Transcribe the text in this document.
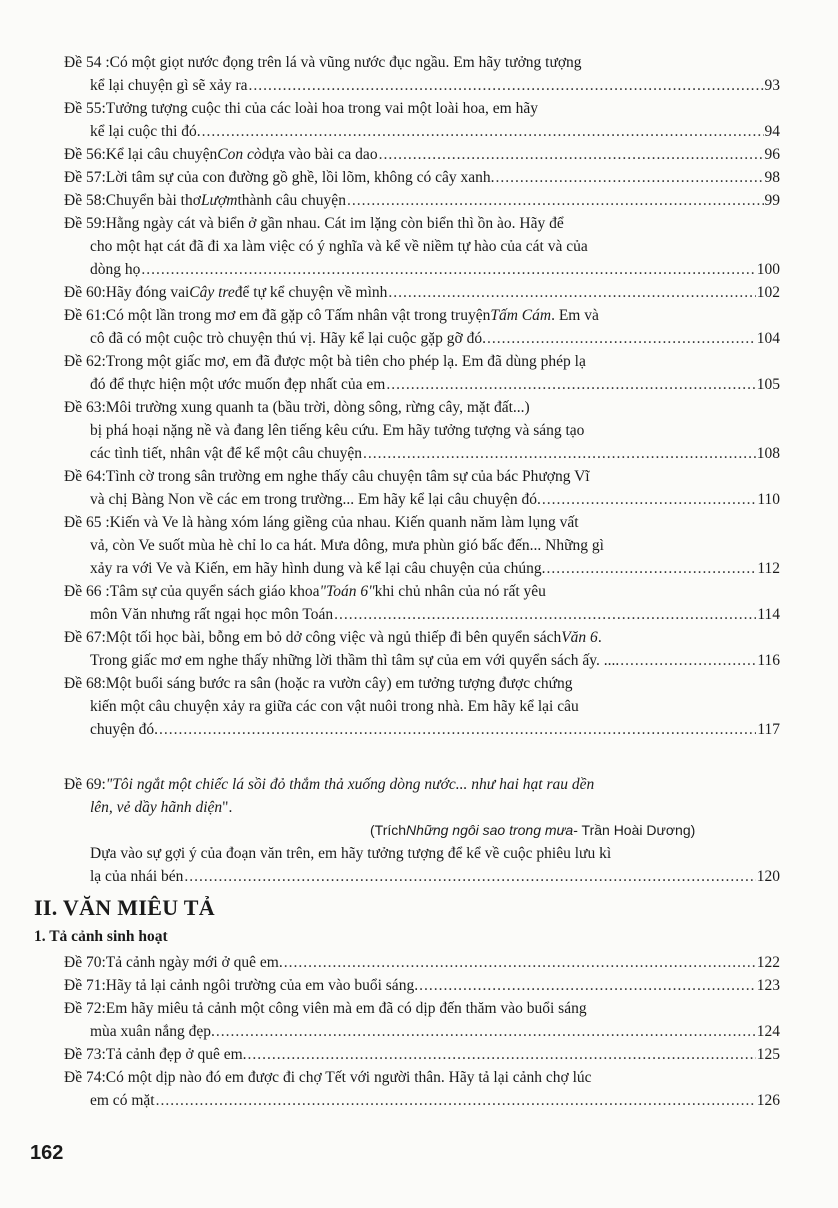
Đề 54 : Có một giọt nước đọng trên lá và vũng nước đục ngầu. Em hãy tưởng tượng
kể lại chuyện gì sẽ xảy ra .....	93
Đề 55: Tưởng tượng cuộc thi của các loài hoa trong vai một loài hoa, em hãy
kể lại cuộc thi đó. .....	94
Đề 56: Kể lại câu chuyện Con cò dựa vào bài ca dao .....	96
Đề 57: Lời tâm sự của con đường gồ ghề, lồi lõm, không có cây xanh. .....	98
Đề 58: Chuyển bài thơ Lượm thành câu chuyện .....	99
Đề 59: Hằng ngày cát và biển ở gần nhau. Cát im lặng còn biển thì ồn ào. Hãy để
cho một hạt cát đã đi xa làm việc có ý nghĩa và kể về niềm tự hào của cát và của
dòng họ .....	100
Đề 60: Hãy đóng vai Cây tre để tự kể chuyện về mình .....	102
Đề 61: Có một lần trong mơ em đã gặp cô Tấm nhân vật trong truyện Tấm Cám . Em và
cô đã có một cuộc trò chuyện thú vị. Hãy kể lại cuộc gặp gỡ đó. .....	104
Đề 62: Trong một giấc mơ, em đã được một bà tiên cho phép lạ. Em đã dùng phép lạ
đó để thực hiện một ước muốn đẹp nhất của em .....	105
Đề 63: Môi trường xung quanh ta (bầu trời, dòng sông, rừng cây, mặt đất...)
bị phá hoại nặng nề và đang lên tiếng kêu cứu. Em hãy tưởng tượng và sáng tạo
các tình tiết, nhân vật để kể một câu chuyện .....	108
Đề 64: Tình cờ trong sân trường em nghe thấy câu chuyện tâm sự của bác Phượng Vĩ
và chị Bàng Non về các em trong trường... Em hãy kể lại câu chuyện đó. .....	110
Đề 65 : Kiến và Ve là hàng xóm láng giềng của nhau. Kiến quanh năm làm lụng vất
vả, còn Ve suốt mùa hè chỉ lo ca hát. Mưa dông, mưa phùn gió bấc đến... Những gì
xảy ra với Ve và Kiến, em hãy hình dung và kể lại câu chuyện của chúng. .....	112
Đề 66 : Tâm sự của quyển sách giáo khoa "Toán 6" khi chủ nhân của nó rất yêu
môn Văn nhưng rất ngại học môn Toán .....	114
Đề 67: Một tối học bài, bỗng em bỏ dở công việc và ngủ thiếp đi bên quyển sách Văn 6 .
Trong giấc mơ em nghe thấy những lời thầm thì tâm sự của em với quyển sách ấy. .... .....	116
Đề 68: Một buổi sáng bước ra sân (hoặc ra vườn cây) em tưởng tượng được chứng
kiến một câu chuyện xảy ra giữa các con vật nuôi trong nhà. Em hãy kể lại câu
chuyện đó. .....	117
Đề 69: "Tôi ngắt một chiếc lá sồi đỏ thắm thả xuống dòng nước... như hai hạt rau dền
lên, vẻ dầy hãnh diện ".
(Trích Những ngôi sao trong mưa - Trần Hoài Dương)
Dựa vào sự gợi ý của đoạn văn trên, em hãy tưởng tượng để kể về cuộc phiêu lưu kì
lạ của nhái bén .....	120
II. VĂN MIÊU TẢ
1. Tả cảnh sinh hoạt
Đề 70: Tả cảnh ngày mới ở quê em. .....	122
Đề 71: Hãy tả lại cảnh ngôi trường của em vào buổi sáng. .....	123
Đề 72: Em hãy miêu tả cảnh một công viên mà em đã có dịp đến thăm vào buổi sáng
mùa xuân nắng đẹp. .....	124
Đề 73: Tả cảnh đẹp ở quê em. .....	125
Đề 74: Có một dịp nào đó em được đi chợ Tết với người thân. Hãy tả lại cảnh chợ lúc
em có mặt .....	126
162
